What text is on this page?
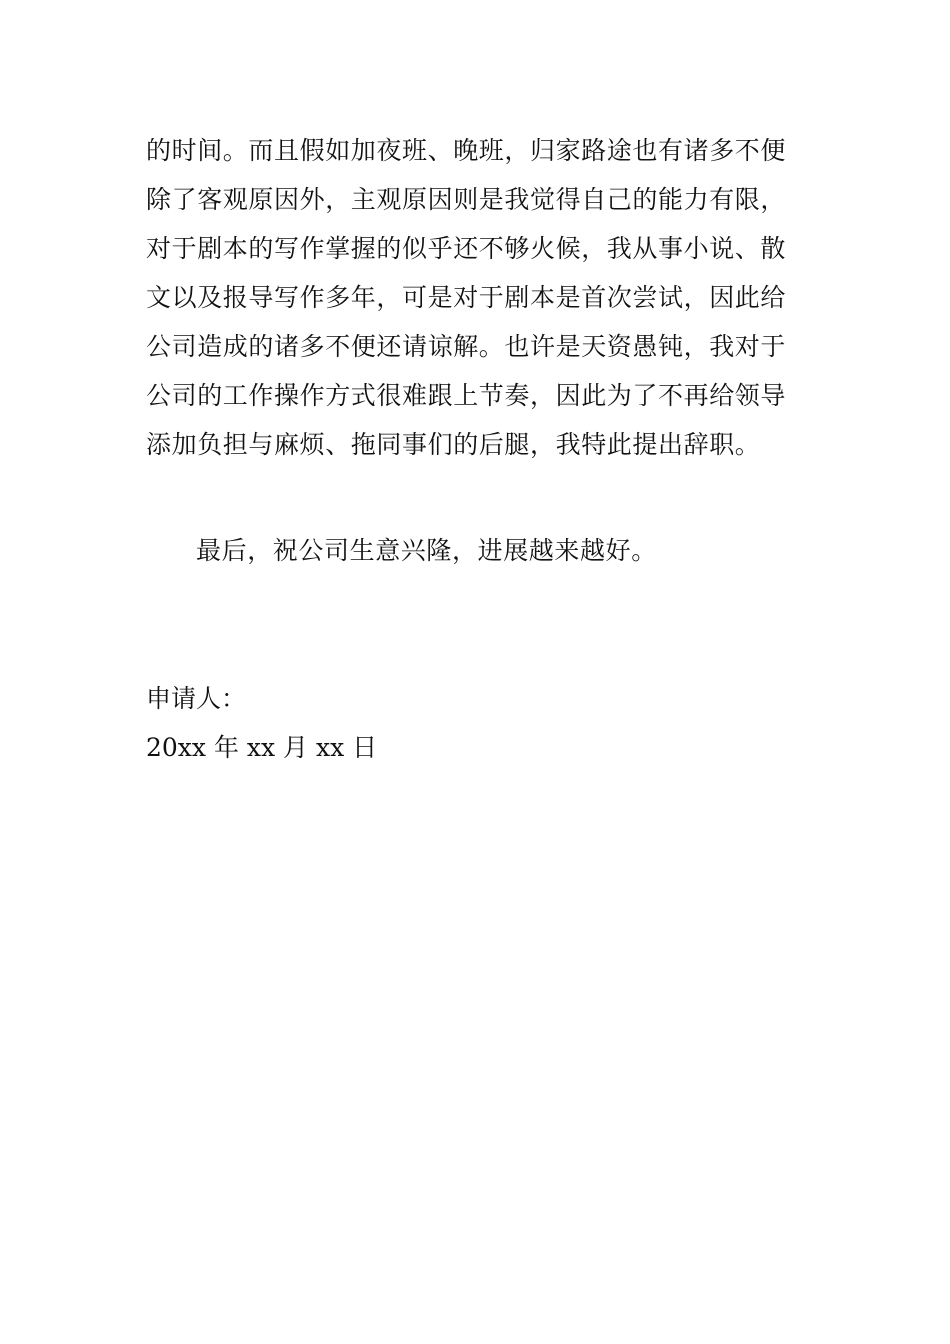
的时间。而且假如加夜班、晚班，归家路途也有诸多不便
除了客观原因外，主观原因则是我觉得自己的能力有限，
对于剧本的写作掌握的似乎还不够火候，我从事小说、散
文以及报导写作多年，可是对于剧本是首次尝试，因此给
公司造成的诸多不便还请谅解。也许是天资愚钝，我对于
公司的工作操作方式很难跟上节奏，因此为了不再给领导
添加负担与麻烦、拖同事们的后腿，我特此提出辞职。

最后，祝公司生意兴隆，进展越来越好。

申请人：

20xx 年 xx 月 xx 日
